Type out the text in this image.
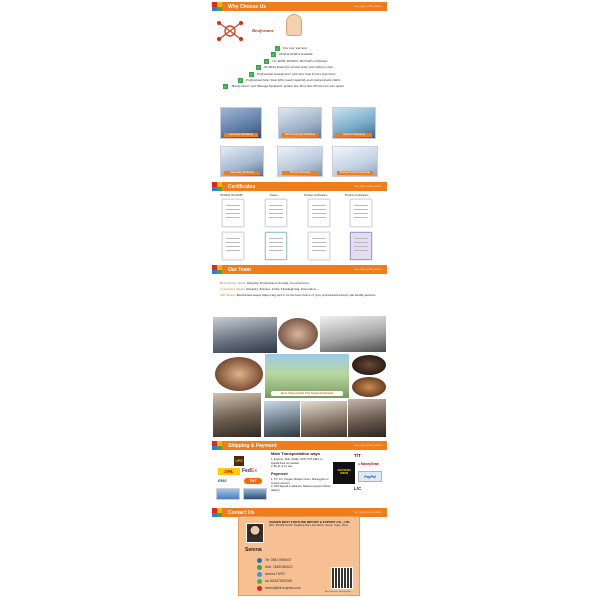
Why Choose Us	tec_mgyb_xmbe_xmoo…
Bestfortune
✓ One year warranty
✓ OEM & ODM is available
✓ CE, RoHS, ISO9001, ISO13485 certificates
✓ No MOQ limited for normal order, short delivery time
✓ Professional manufacturer with more than 8 years experience
✓ Professional Sales Team With Good Capability and Communication Skills
✓ "Beauty device" and "Massage Equipment" product line. More than 300 items for your option.
Assembly Workshop	Parts Assembly Workshop	Injection Workshop
Assembly Workshop	Testing Workshop	Boxing Packing Workshop
Certificates	tec_mgyb_xmbe_xmoo…
ISO9001 ISO13485	Patent	Product Certification	Product Certification
Our Team	tec_mgyb_xmbe_xmoo…
Best Partner Team: Integrity, Professional, Prompt, Good Service.
Corporate Culture: Integrity, Passion, Unity, Thanksgiving, Innovation....
Our Vision: Bestfortune keeps improving and to be the best choice of your professional beauty and health partners.
Best Team Build The Splendid Brand
Shipping & Payment	tec_mgyb_xmbe_xmoo…
UPS
DHL	FedEx
EMS	TNT
Main Transportation ways
1. Express: DHL, FedEx, UPS, TNT, EMS, or special lines not needed
2. By air or by sea
Payment
1. T/T, L/C, Paypal, Western union, Moneygram or secure payment
2. 30% deposit in advance, balance payment before delivery
T/T
WESTERN UNION
● MoneyGram
PayPal
L/C
Contact Us	tec_mgyb_xmbe_xmoo…
XIAMEN BEST FORTUNE IMPORT & EXPORT CO., LTD.
ADD.: ROOM# No.819, Tongjiliang Road, Xike District, Xiamen, Fujian, China
Serena
Tel: 0592-5996637
Mob: 18450482622
serena-TWP2
sa:1531575299361
serena@bfi-express.com
Best Fortune: Winning Hot
